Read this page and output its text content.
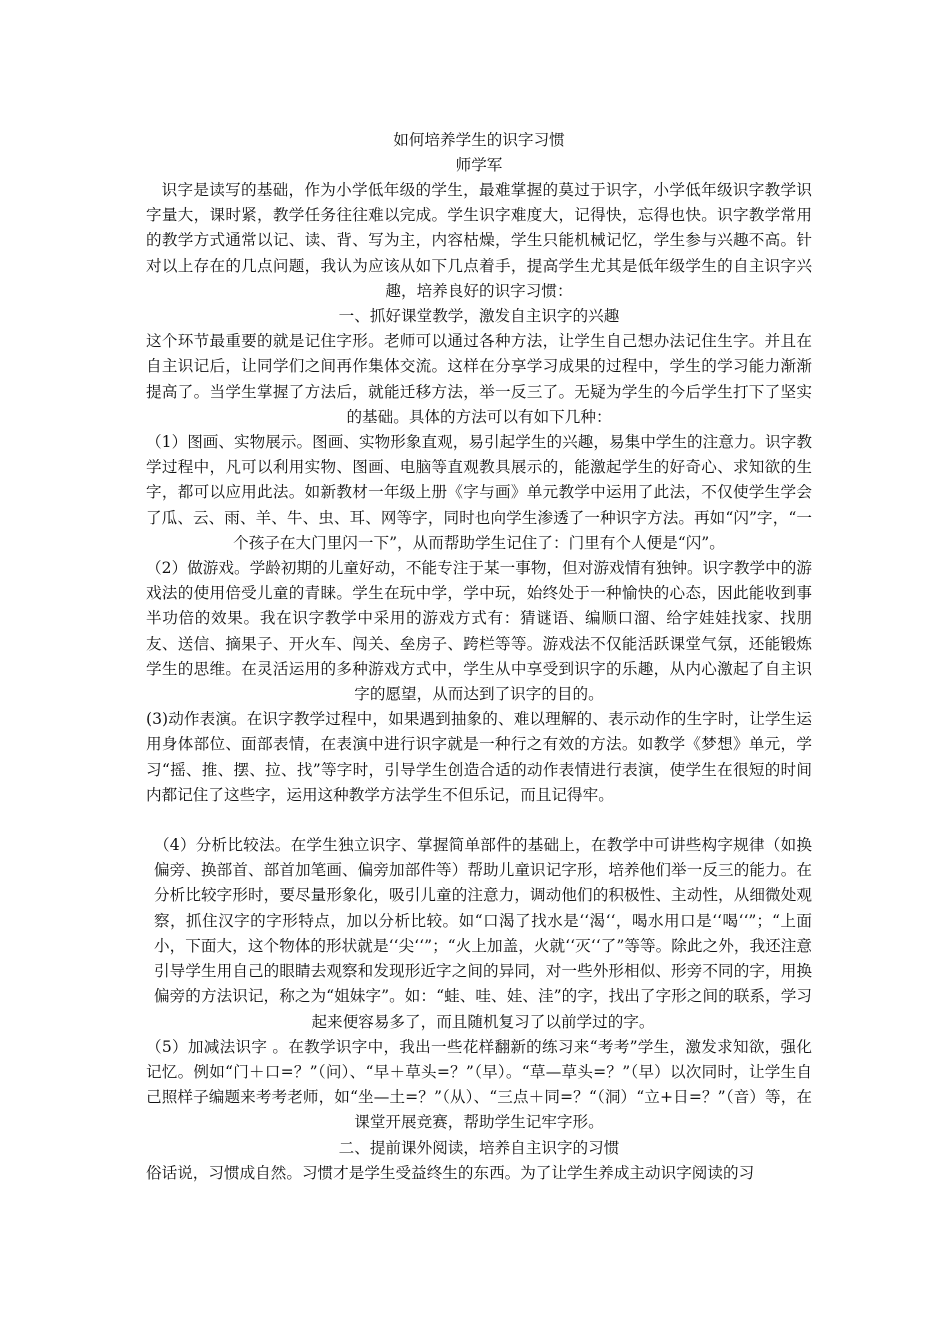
如何培养学生的识字习惯

师学军

识字是读写的基础，作为小学低年级的学生，最难掌握的莫过于识字，小学低年级识字教学识字量大，课时紧，教学任务往往难以完成。学生识字难度大，记得快，忘得也快。识字教学常用的教学方式通常以记、读、背、写为主，内容枯燥，学生只能机械记忆，学生参与兴趣不高。针对以上存在的几点问题，我认为应该从如下几点着手，提高学生尤其是低年级学生的自主识字兴趣，培养良好的识字习惯：

一、抓好课堂教学，激发自主识字的兴趣

这个环节最重要的就是记住字形。老师可以通过各种方法，让学生自己想办法记住生字。并且在自主识记后，让同学们之间再作集体交流。这样在分享学习成果的过程中，学生的学习能力渐渐提高了。当学生掌握了方法后，就能迁移方法，举一反三了。无疑为学生的今后学生打下了坚实的基础。具体的方法可以有如下几种：

（1）图画、实物展示。图画、实物形象直观，易引起学生的兴趣，易集中学生的注意力。识字教学过程中，凡可以利用实物、图画、电脑等直观教具展示的，能激起学生的好奇心、求知欲的生字，都可以应用此法。如新教材一年级上册《字与画》单元教学中运用了此法，不仅使学生学会了瓜、云、雨、羊、牛、虫、耳、网等字，同时也向学生渗透了一种识字方法。再如“闪”字，“一个孩子在大门里闪一下”，从而帮助学生记住了：门里有个人便是“闪”。

（2）做游戏。学龄初期的儿童好动，不能专注于某一事物，但对游戏情有独钟。识字教学中的游戏法的使用倍受儿童的青睐。学生在玩中学，学中玩，始终处于一种愉快的心态，因此能收到事半功倍的效果。我在识字教学中采用的游戏方式有：猜谜语、编顺口溜、给字娃娃找家、找朋友、送信、摘果子、开火车、闯关、垒房子、跨栏等等。游戏法不仅能活跃课堂气氛，还能锻炼学生的思维。在灵活运用的多种游戏方式中，学生从中享受到识字的乐趣，从内心激起了自主识字的愿望，从而达到了识字的目的。

(3)动作表演。在识字教学过程中，如果遇到抽象的、难以理解的、表示动作的生字时，让学生运用身体部位、面部表情，在表演中进行识字就是一种行之有效的方法。如教学《梦想》单元，学习“摇、推、摆、拉、找”等字时，引导学生创造合适的动作表情进行表演，使学生在很短的时间内都记住了这些字，运用这种教学方法学生不但乐记，而且记得牢。

（4）分析比较法。在学生独立识字、掌握简单部件的基础上，在教学中可讲些构字规律（如换偏旁、换部首、部首加笔画、偏旁加部件等）帮助儿童识记字形，培养他们举一反三的能力。在分析比较字形时，要尽量形象化，吸引儿童的注意力，调动他们的积极性、主动性，从细微处观察，抓住汉字的字形特点，加以分析比较。如“口渴了找水是‘‘渴‘‘，喝水用口是‘‘喝‘‘”；“上面小，下面大，这个物体的形状就是‘‘尖‘‘”；“火上加盖，火就‘‘灭‘‘了”等等。除此之外，我还注意引导学生用自己的眼睛去观察和发现形近字之间的异同，对一些外形相似、形旁不同的字，用换偏旁的方法识记，称之为“姐妹字”。如：“蛙、哇、娃、洼”的字，找出了字形之间的联系，学习起来便容易多了，而且随机复习了以前学过的字。

（5）加减法识字 。在教学识字中，我出一些花样翻新的练习来“考考”学生，激发求知欲，强化记忆。例如“门＋口=？”（问）、“早＋草头=？”（早）。“草—草头=？”（早）以次同时，让学生自己照样子编题来考考老师，如“坐—土=？”（从）、“三点＋同=？“（洞）“立+日=？”（音）等，在课堂开展竞赛，帮助学生记牢字形。

二、提前课外阅读，培养自主识字的习惯

俗话说，习惯成自然。习惯才是学生受益终生的东西。为了让学生养成主动识字阅读的习
